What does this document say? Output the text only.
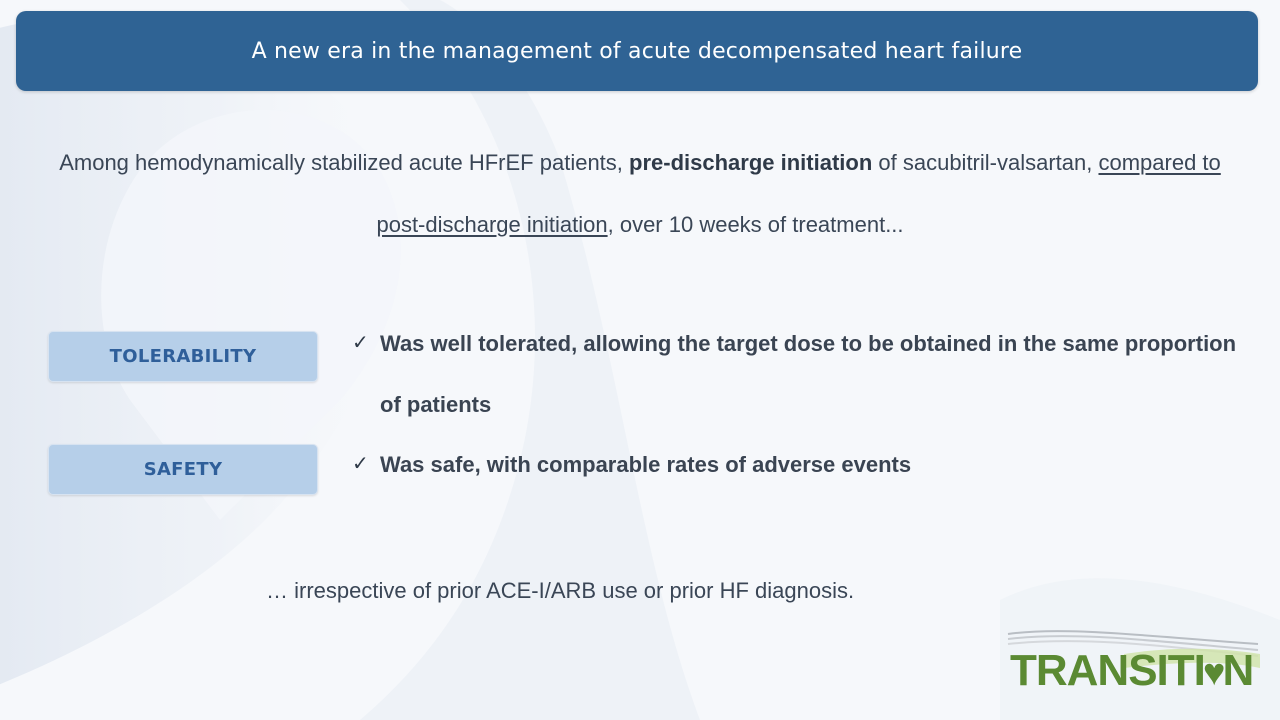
A new era in the management of acute decompensated heart failure
Among hemodynamically stabilized acute HFrEF patients, pre-discharge initiation of sacubitril-valsartan, compared to post-discharge initiation, over 10 weeks of treatment...
TOLERABILITY
✓ Was well tolerated, allowing the target dose to be obtained in the same proportion of patients
SAFETY	✓ Was safe, with comparable rates of adverse events
… irrespective of prior ACE-I/ARB use or prior HF diagnosis.
TRANSITI♥N
